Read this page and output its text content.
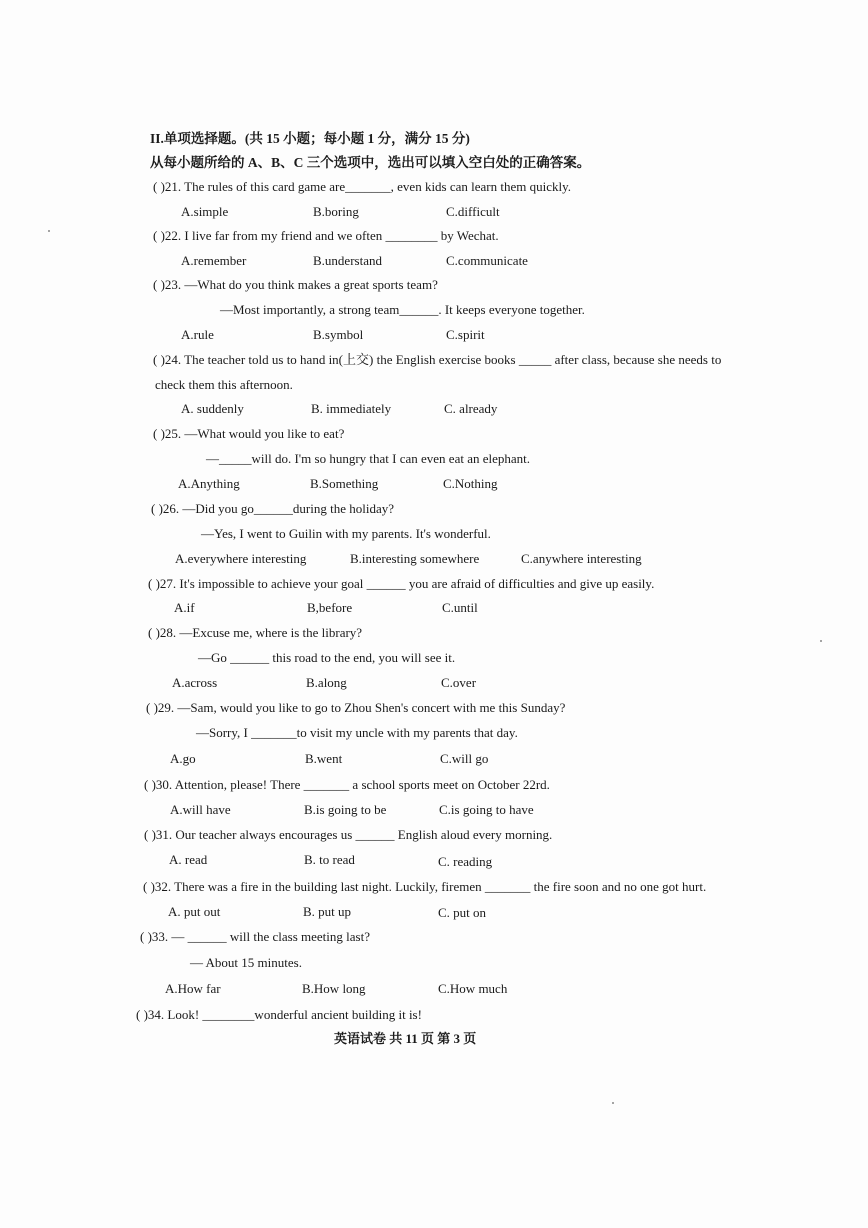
II.单项选择题。(共 15 小题；每小题 1 分，满分 15 分)
从每小题所给的 A、B、C 三个选项中，选出可以填入空白处的正确答案。
( )21. The rules of this card game are_______, even kids can learn them quickly.
A.simple	B.boring	C.difficult
( )22. I live far from my friend and we often ________ by Wechat.
A.remember	B.understand	C.communicate
( )23. —What do you think makes a great sports team?
—Most importantly, a strong team______. It keeps everyone together.
A.rule	B.symbol	C.spirit
( )24. The teacher told us to hand in(上交) the English exercise books _____ after class, because she needs to
check them this afternoon.
A. suddenly	B. immediately	C. already
( )25. —What would you like to eat?
—_____will do. I'm so hungry that I can even eat an elephant.
A.Anything	B.Something	C.Nothing
( )26. —Did you go______during the holiday?
—Yes, I went to Guilin with my parents. It's wonderful.
A.everywhere interesting	B.interesting somewhere	C.anywhere interesting
( )27. It's impossible to achieve your goal ______ you are afraid of difficulties and give up easily.
A.if	B,before	C.until
( )28. —Excuse me, where is the library?
—Go ______ this road to the end, you will see it.
A.across	B.along	C.over
( )29. —Sam, would you like to go to Zhou Shen's concert with me this Sunday?
—Sorry, I _______to visit my uncle with my parents that day.
A.go	B.went	C.will go
( )30. Attention, please! There _______ a school sports meet on October 22rd.
A.will have	B.is going to be	C.is going to have
( )31. Our teacher always encourages us ______ English aloud every morning.
A. read	B. to read	C. reading
( )32. There was a fire in the building last night. Luckily, firemen _______ the fire soon and no one got hurt.
A. put out	B. put up	C. put on
( )33. — ______ will the class meeting last?
— About 15 minutes.
A.How far	B.How long	C.How much
( )34. Look! ________wonderful ancient building it is!
英语试卷 共 11 页 第 3 页
